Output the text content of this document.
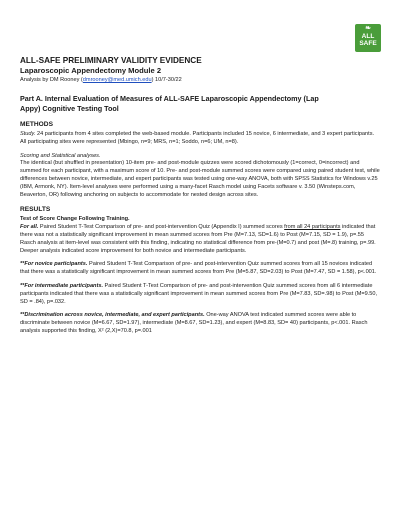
❧
ALL
SAFE

ALL-SAFE PRELIMINARY VALIDITY EVIDENCE

Laparoscopic Appendectomy Module 2

Analysis by DM Rooney (dmrooney@med.umich.edu) 10/7-30/22

Part A. Internal Evaluation of Measures of ALL-SAFE Laparoscopic Appendectomy (Lap Appy) Cognitive Testing Tool

METHODS

Study. 24 participants from 4 sites completed the web-based module. Participants included 15 novice, 6 intermediate, and 3 expert participants. All participating sites were represented (Mbingo, n=9; MRS, n=1; Soddo, n=6; UM, n=8).

Scoring and Statistical analyses.

The identical (but shuffled in presentation) 10-item pre- and post-module quizzes were scored dichotomously (1=correct, 0=incorrect) and summed for each participant, with a maximum score of 10. Pre- and post-module summed scores were compared using paired student test, while differences between novice, intermediate, and expert participants was tested using one-way ANOVA, both with SPSS Statistics for Windows v.25 (IBM, Armonk, NY). Item-level analyses were performed using a many-facet Rasch model using Facets software v. 3.50 (Winsteps.com, Beaverton, OR) following anchoring on subjects to accommodate for nested design across sites.

RESULTS

Test of Score Change Following Training.

For all. Paired Student T-Test Comparison of pre- and post-intervention Quiz (Appendix I) summed scores from all 24 participants indicated that there was not a statistically significant improvement in mean summed scores from Pre (M=7.13, SD=1.6) to Post (M=7.15, SD = 1.9), p=.55

Rasch analysis at item-level was consistent with this finding, indicating no statistical difference from pre-(M=0.7) and post (M=.8) training, p=.99. Deeper analysis indicated score improvement for both novice and intermediate participants.

**For novice participants. Paired Student T-Test Comparison of pre- and post-intervention Quiz summed scores from all 15 novices indicated that there was a statistically significant improvement in mean summed scores from Pre (M=5.87, SD=2.03) to Post (M=7.47, SD = 1.58), p<.001.

**For intermediate participants. Paired Student T-Test Comparison of pre- and post-intervention Quiz summed scores from all 6 intermediate participants indicated that there was a statistically significant improvement in mean summed scores from Pre (M=7.83, SD=.98) to Post (M=9.50, SD = .84), p=.032.

**Discrimination across novice, intermediate, and expert participants. One-way ANOVA test indicated summed scores were able to discriminate between novice (M=6.67, SD=1.97), intermediate (M=8.67, SD=1.23), and expert (M=8.83, SD= 40) participants, p<.001. Rasch analysis supported this finding, X² (2,X)=70.8, p=.001
